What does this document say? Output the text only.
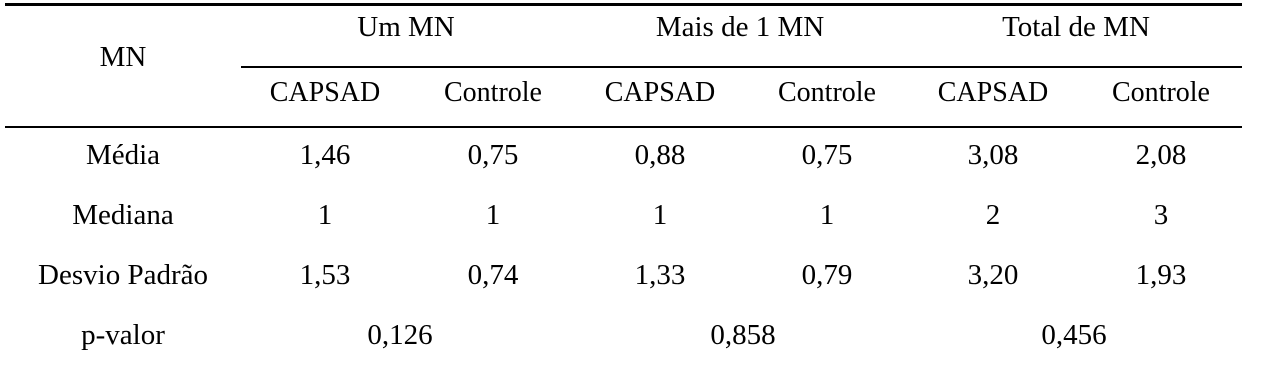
MN
Um MN	Mais de 1 MN	Total de MN
CAPSAD Controle CAPSAD Controle CAPSAD Controle
Média	1,46	0,75	0,88	0,75	3,08	2,08
Mediana	1	1	1	1	2	3
Desvio Padrão	1,53	0,74	1,33	0,79	3,20	1,93
p-valor	0,126	0,858	0,456
